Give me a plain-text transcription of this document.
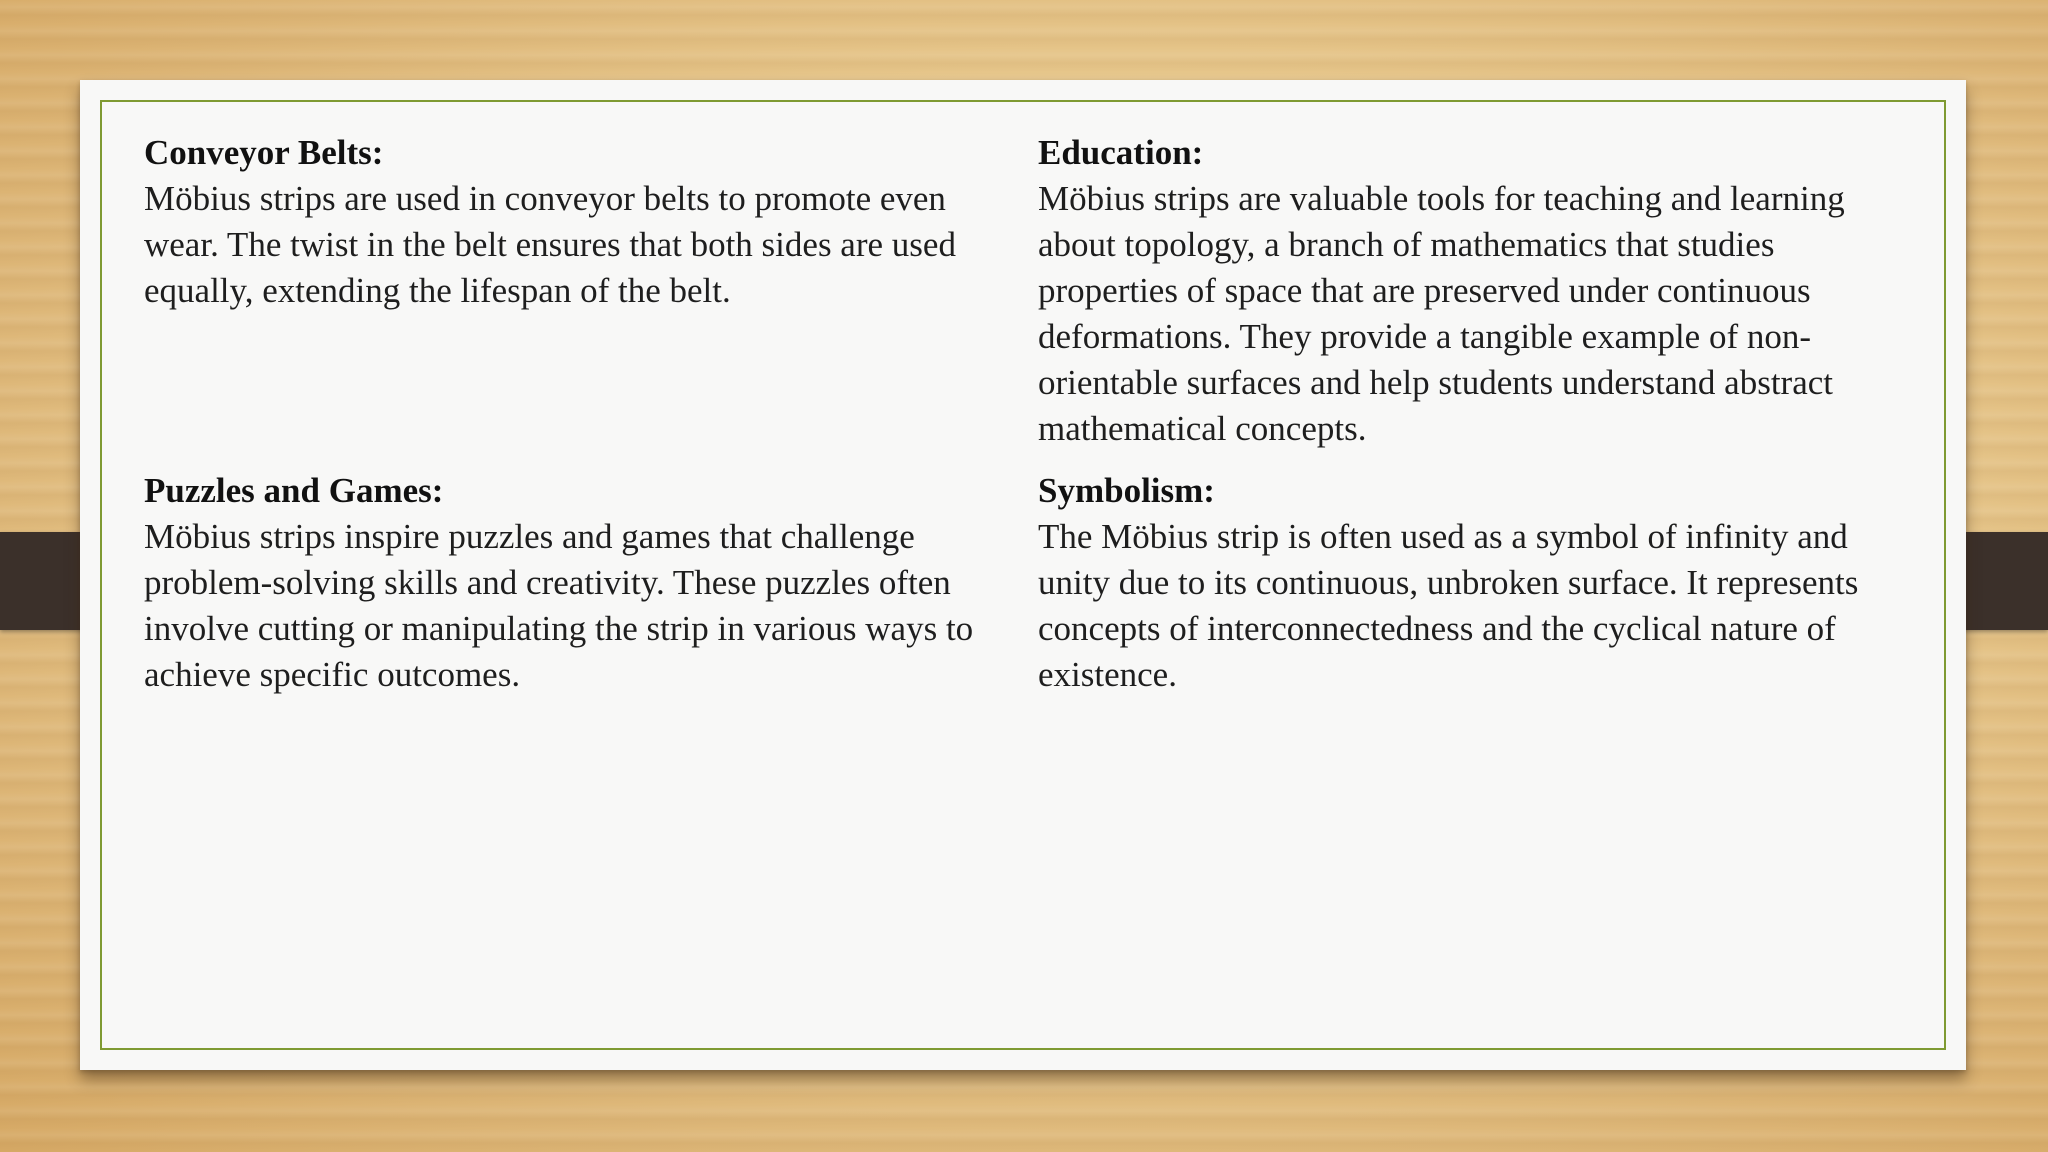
Conveyor Belts:

Möbius strips are used in conveyor belts to promote even wear. The twist in the belt ensures that both sides are used equally, extending the lifespan of the belt.

Education:

Möbius strips are valuable tools for teaching and learning about topology, a branch of mathematics that studies properties of space that are preserved under continuous deformations. They provide a tangible example of non-orientable surfaces and help students understand abstract mathematical concepts.

Puzzles and Games:

Möbius strips inspire puzzles and games that challenge problem-solving skills and creativity. These puzzles often involve cutting or manipulating the strip in various ways to achieve specific outcomes.

Symbolism:

The Möbius strip is often used as a symbol of infinity and unity due to its continuous, unbroken surface. It represents concepts of interconnectedness and the cyclical nature of existence.
